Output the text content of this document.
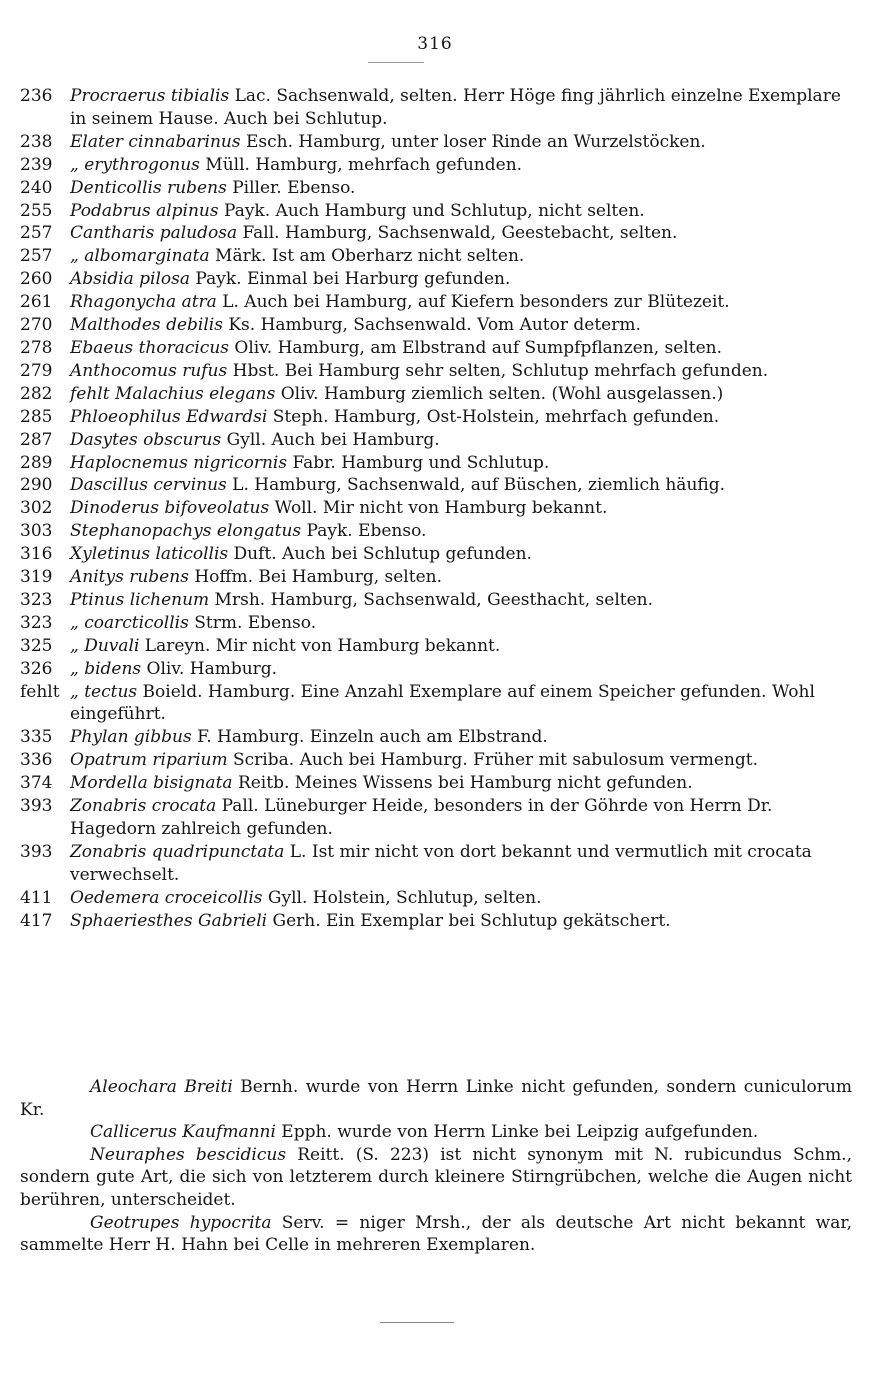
316
236 Procraerus tibialis Lac. Sachsenwald, selten. Herr Höge fing jährlich einzelne Exemplare in seinem Hause. Auch bei Schlutup.
238 Elater cinnabarinus Esch. Hamburg, unter loser Rinde an Wurzelstöcken.
239 „ erythrogonus Müll. Hamburg, mehrfach gefunden.
240 Denticollis rubens Piller. Ebenso.
255 Podabrus alpinus Payk. Auch Hamburg und Schlutup, nicht selten.
257 Cantharis paludosa Fall. Hamburg, Sachsenwald, Geestebacht, selten.
257 „ albomarginata Märk. Ist am Oberharz nicht selten.
260 Absidia pilosa Payk. Einmal bei Harburg gefunden.
261 Rhagonycha atra L. Auch bei Hamburg, auf Kiefern besonders zur Blütezeit.
270 Malthodes debilis Ks. Hamburg, Sachsenwald. Vom Autor determ.
278 Ebaeus thoracicus Oliv. Hamburg, am Elbstrand auf Sumpfpflanzen, selten.
279 Anthocomus rufus Hbst. Bei Hamburg sehr selten, Schlutup mehrfach gefunden.
282 fehlt Malachius elegans Oliv. Hamburg ziemlich selten. (Wohl ausgelassen.)
285 Phloeophilus Edwardsi Steph. Hamburg, Ost-Holstein, mehrfach gefunden.
287 Dasytes obscurus Gyll. Auch bei Hamburg.
289 Haplocnemus nigricornis Fabr. Hamburg und Schlutup.
290 Dascillus cervinus L. Hamburg, Sachsenwald, auf Büschen, ziemlich häufig.
302 Dinoderus bifoveolatus Woll. Mir nicht von Hamburg bekannt.
303 Stephanopachys elongatus Payk. Ebenso.
316 Xyletinus laticollis Duft. Auch bei Schlutup gefunden.
319 Anitys rubens Hoffm. Bei Hamburg, selten.
323 Ptinus lichenum Mrsh. Hamburg, Sachsenwald, Geesthacht, selten.
323 „ coarcticollis Strm. Ebenso.
325 „ Duvali Lareyn. Mir nicht von Hamburg bekannt.
326 „ bidens Oliv. Hamburg.
fehlt „ tectus Boield. Hamburg. Eine Anzahl Exemplare auf einem Speicher gefunden. Wohl eingeführt.
335 Phylan gibbus F. Hamburg. Einzeln auch am Elbstrand.
336 Opatrum riparium Scriba. Auch bei Hamburg. Früher mit sabulosum vermengt.
374 Mordella bisignata Reitb. Meines Wissens bei Hamburg nicht gefunden.
393 Zonabris crocata Pall. Lüneburger Heide, besonders in der Göhrde von Herrn Dr. Hagedorn zahlreich gefunden.
393 Zonabris quadripunctata L. Ist mir nicht von dort bekannt und vermutlich mit crocata verwechselt.
411 Oedemera croceicollis Gyll. Holstein, Schlutup, selten.
417 Sphaeriesthes Gabrieli Gerh. Ein Exemplar bei Schlutup gekätschert.
Aleochara Breiti Bernh. wurde von Herrn Linke nicht gefunden, sondern cuniculorum Kr.
Callicerus Kaufmanni Epph. wurde von Herrn Linke bei Leipzig aufgefunden.
Neuraphes bescidicus Reitt. (S. 223) ist nicht synonym mit N. rubicundus Schm., sondern gute Art, die sich von letzterem durch kleinere Stirngrübchen, welche die Augen nicht berühren, unterscheidet.
Geotrupes hypocrita Serv. = niger Mrsh., der als deutsche Art nicht bekannt war, sammelte Herr H. Hahn bei Celle in mehreren Exemplaren.
